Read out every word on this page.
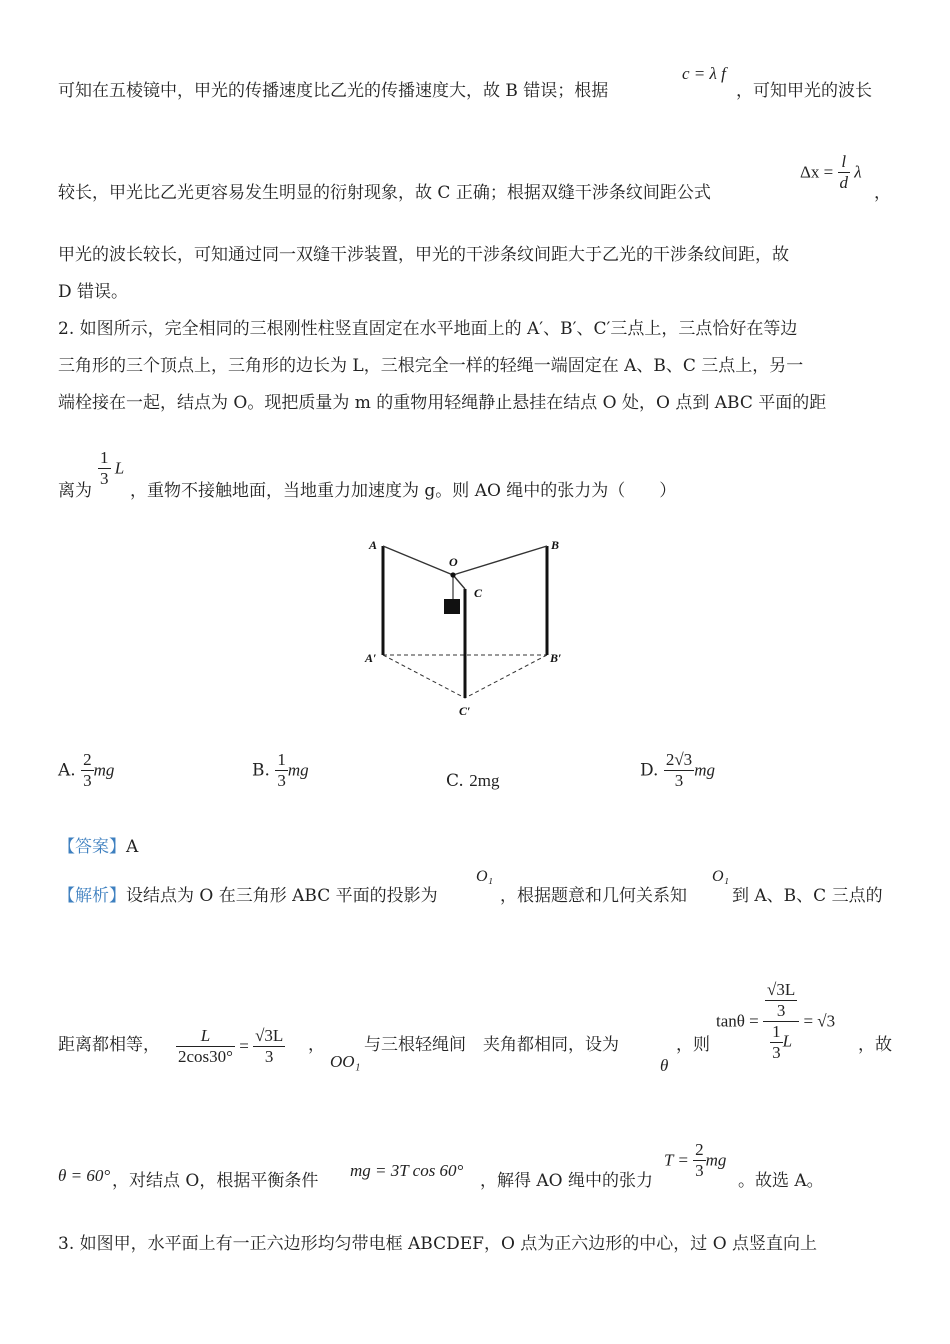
可知在五棱镜中，甲光的传播速度比乙光的传播速度大，故 B 错误；根据
c = λ f
，可知甲光的波长
较长，甲光比乙光更容易发生明显的衍射现象，故 C 正确；根据双缝干涉条纹间距公式
$\Delta x = \frac{l}{d}$ λ
，
甲光的波长较长，可知通过同一双缝干涉装置，甲光的干涉条纹间距大于乙光的干涉条纹间距，故
D 错误。
2. 如图所示，完全相同的三根刚性柱竖直固定在水平地面上的 A′、B′、C′三点上，三点恰好在等边
三角形的三个顶点上，三角形的边长为 L，三根完全一样的轻绳一端固定在 A、B、C 三点上，另一
端栓接在一起，结点为 O。现把质量为 m 的重物用轻绳静止悬挂在结点 O 处，O 点到 ABC 平面的距
离为
$\frac{1}{3}$ L
，重物不接触地面，当地重力加速度为 g。则 AO 绳中的张力为（　　）
A	B
O
C
A′	B′
C′
A. $\frac{2}{3}$ mg	B. $\frac{1}{3}$ mg
C. 2mg	D. $\frac{2√3}{3}$ mg
【答案】A
【解析】设结点为 O 在三角形 ABC 平面的投影为
O₁
，根据题意和几何关系知
O₁
到 A、B、C 三点的
距离都相等， $\frac{L}{2\cos 30^\circ} = \frac{√3L}{3}$ ，
OO₁
与三根轻绳间　夹角都相同，设为
θ
，则
$\tan\theta = \frac{\frac{√3L}{3}}{\frac{1}{3} L} = √3$
，故
θ = 60° ，对结点 O，根据平衡条件
mg = 3T cos 60°
，解得 AO 绳中的张力
$T = \frac{2}{3}$ mg
。故选 A。
3. 如图甲，水平面上有一正六边形均匀带电框 ABCDEF，O 点为正六边形的中心，过 O 点竖直向上
